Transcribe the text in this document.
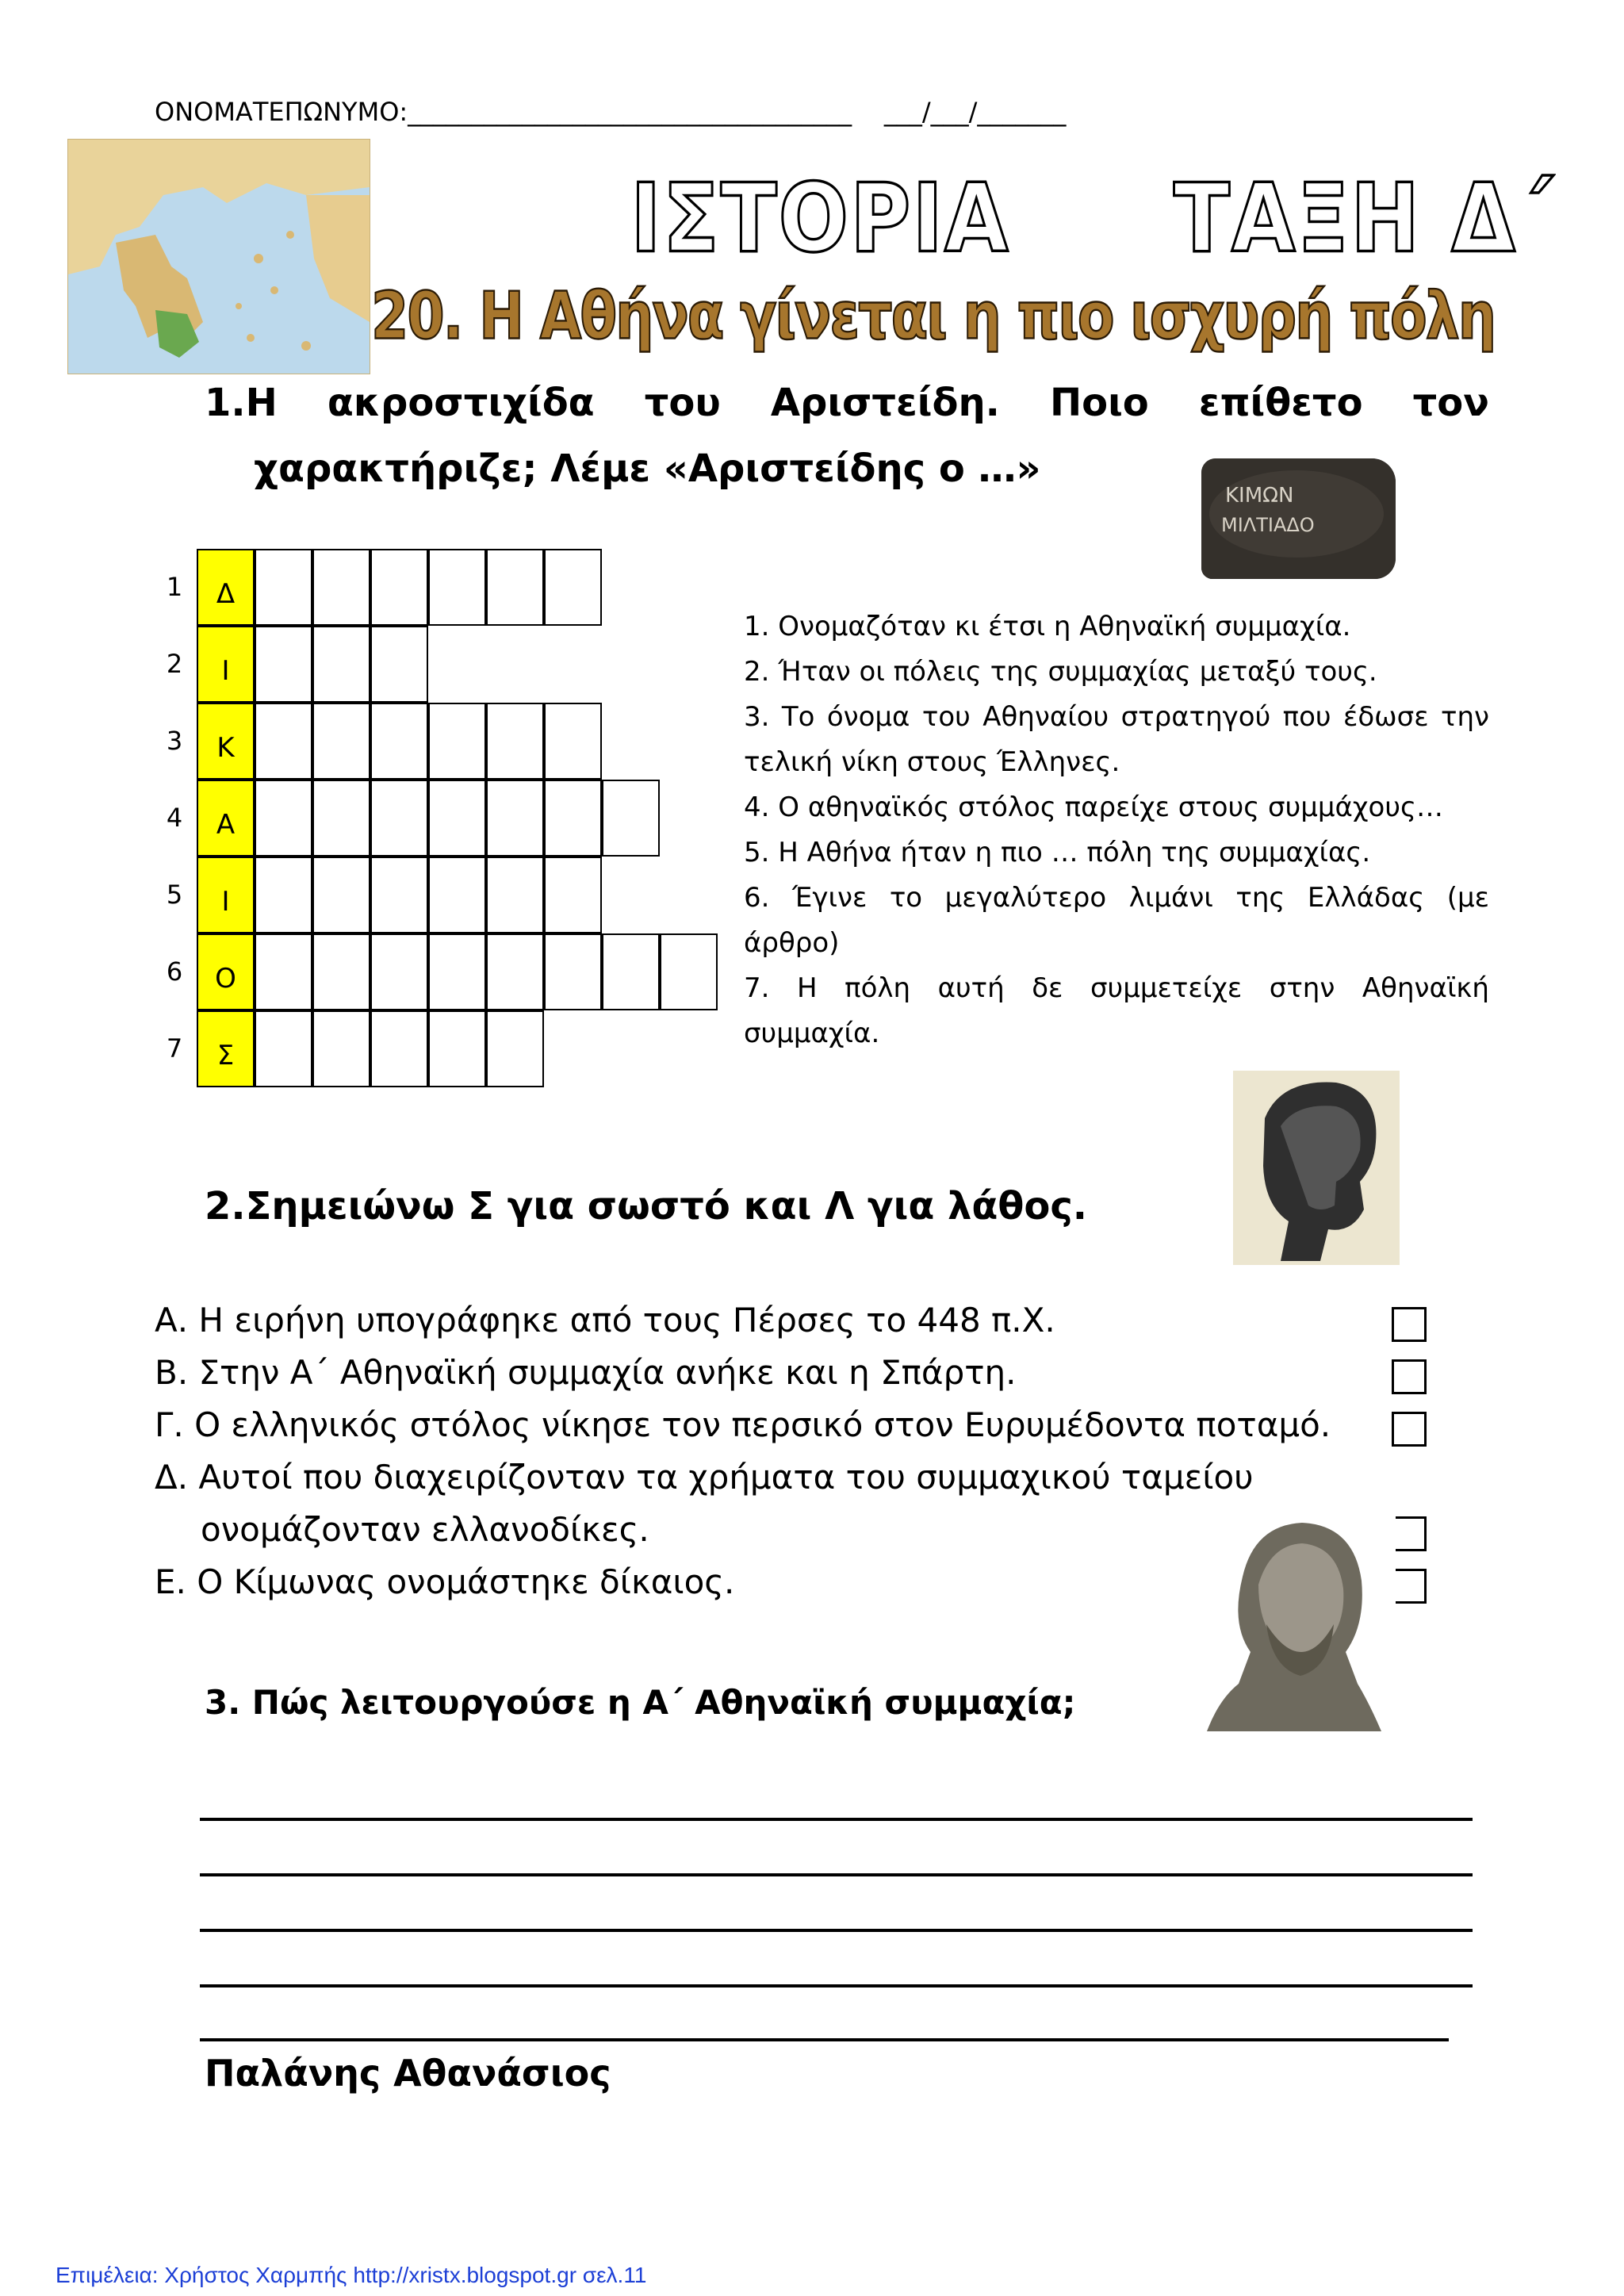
ΟΝΟΜΑΤΕΠΩΝΥΜΟ:___________________________________    ___/___/_______
ΙΣΤΟΡΙΑ ΤΑΞΗ Δ΄
20. Η Αθήνα γίνεται η πιο ισχυρή πόλη
1.Η ακροστιχίδα του Αριστείδη. Ποιο επίθετο τον
χαρακτήριζε; Λέμε «Αριστείδης ο …»
ΚΙΜΩΝ
ΜΙΛΤΙΑΔΟ
1	Δ
2	Ι
3	Κ
4	Α
5	Ι
6	Ο
7	Σ
1. Ονομαζόταν κι έτσι η Αθηναϊκή συμμαχία.
2. Ήταν οι πόλεις της συμμαχίας μεταξύ τους.
3. Το όνομα του Αθηναίου στρατηγού που έδωσε την τελική νίκη στους Έλληνες.
4. Ο αθηναϊκός στόλος παρείχε στους συμμάχους…
5. Η Αθήνα ήταν η πιο … πόλη της συμμαχίας.
6. Έγινε το μεγαλύτερο λιμάνι της Ελλάδας (με άρθρο)
7. Η πόλη αυτή δε συμμετείχε στην Αθηναϊκή συμμαχία.
2.Σημειώνω Σ για σωστό και Λ για λάθος.
Α. Η ειρήνη υπογράφηκε από τους Πέρσες το 448 π.Χ.
Β. Στην Α΄ Αθηναϊκή συμμαχία ανήκε και η Σπάρτη.
Γ. Ο ελληνικός στόλος νίκησε τον περσικό στον Ευρυμέδοντα ποταμό.
Δ. Αυτοί που διαχειρίζονταν τα χρήματα του συμμαχικού ταμείου
ονομάζονταν ελλανοδίκες.
Ε. Ο Κίμωνας ονομάστηκε δίκαιος.
3. Πώς λειτουργούσε η Α΄ Αθηναϊκή συμμαχία;
Παλάνης Αθανάσιος
Επιμέλεια: Χρήστος Χαρμπής http://xristx.blogspot.gr σελ.11
